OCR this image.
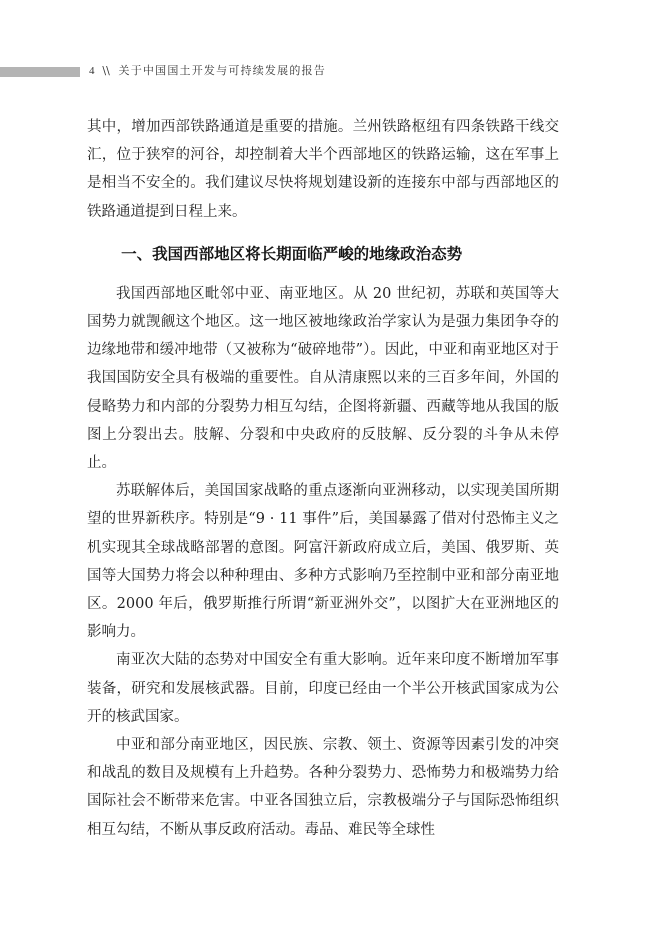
4 \\ 关于中国国土开发与可持续发展的报告

其中，增加西部铁路通道是重要的措施。兰州铁路枢纽有四条铁路干线交汇，位于狭窄的河谷，却控制着大半个西部地区的铁路运输，这在军事上是相当不安全的。我们建议尽快将规划建设新的连接东中部与西部地区的铁路通道提到日程上来。

一、我国西部地区将长期面临严峻的地缘政治态势

我国西部地区毗邻中亚、南亚地区。从 20 世纪初，苏联和英国等大国势力就觊觎这个地区。这一地区被地缘政治学家认为是强力集团争夺的边缘地带和缓冲地带（又被称为“破碎地带”）。因此，中亚和南亚地区对于我国国防安全具有极端的重要性。自从清康熙以来的三百多年间，外国的侵略势力和内部的分裂势力相互勾结，企图将新疆、西藏等地从我国的版图上分裂出去。肢解、分裂和中央政府的反肢解、反分裂的斗争从未停止。

苏联解体后，美国国家战略的重点逐渐向亚洲移动，以实现美国所期望的世界新秩序。特别是“9 · 11 事件”后，美国暴露了借对付恐怖主义之机实现其全球战略部署的意图。阿富汗新政府成立后，美国、俄罗斯、英国等大国势力将会以种种理由、多种方式影响乃至控制中亚和部分南亚地区。2000 年后，俄罗斯推行所谓“新亚洲外交”，以图扩大在亚洲地区的影响力。

南亚次大陆的态势对中国安全有重大影响。近年来印度不断增加军事装备，研究和发展核武器。目前，印度已经由一个半公开核武国家成为公开的核武国家。

中亚和部分南亚地区，因民族、宗教、领土、资源等因素引发的冲突和战乱的数目及规模有上升趋势。各种分裂势力、恐怖势力和极端势力给国际社会不断带来危害。中亚各国独立后，宗教极端分子与国际恐怖组织相互勾结，不断从事反政府活动。毒品、难民等全球性
